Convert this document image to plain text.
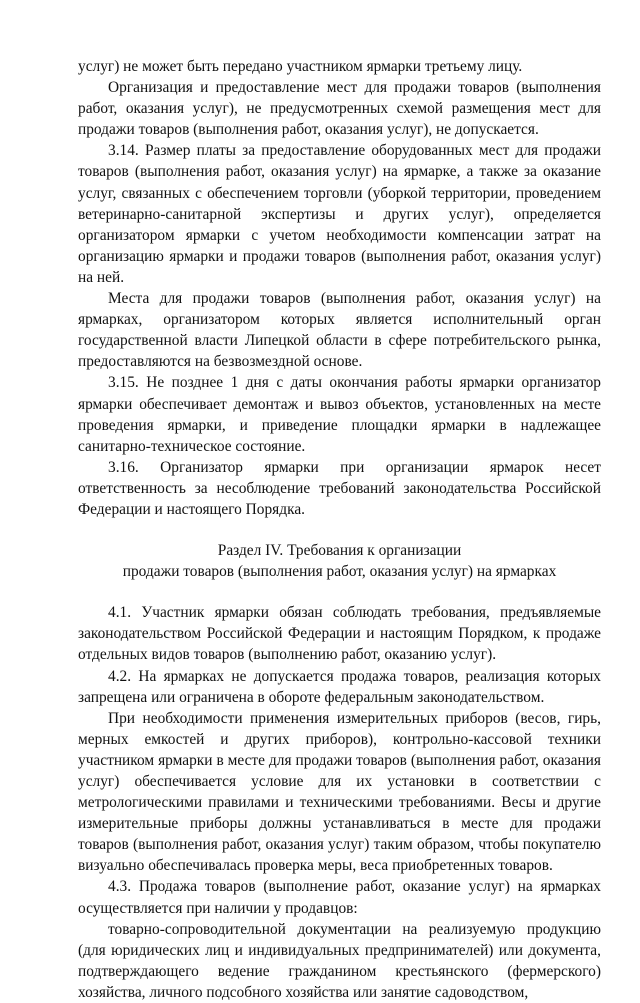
услуг) не может быть передано участником ярмарки третьему лицу.

Организация и предоставление мест для продажи товаров (выполнения работ, оказания услуг), не предусмотренных схемой размещения мест для продажи товаров (выполнения работ, оказания услуг), не допускается.

3.14. Размер платы за предоставление оборудованных мест для продажи товаров (выполнения работ, оказания услуг) на ярмарке, а также за оказание услуг, связанных с обеспечением торговли (уборкой территории, проведением ветеринарно-санитарной экспертизы и других услуг), определяется организатором ярмарки с учетом необходимости компенсации затрат на организацию ярмарки и продажи товаров (выполнения работ, оказания услуг) на ней.

Места для продажи товаров (выполнения работ, оказания услуг) на ярмарках, организатором которых является исполнительный орган государственной власти Липецкой области в сфере потребительского рынка, предоставляются на безвозмездной основе.

3.15. Не позднее 1 дня с даты окончания работы ярмарки организатор ярмарки обеспечивает демонтаж и вывоз объектов, установленных на месте проведения ярмарки, и приведение площадки ярмарки в надлежащее санитарно-техническое состояние.

3.16. Организатор ярмарки при организации ярмарок несет ответственность за несоблюдение требований законодательства Российской Федерации и настоящего Порядка.

Раздел IV. Требования к организации

продажи товаров (выполнения работ, оказания услуг) на ярмарках

4.1. Участник ярмарки обязан соблюдать требования, предъявляемые законодательством Российской Федерации и настоящим Порядком, к продаже отдельных видов товаров (выполнению работ, оказанию услуг).

4.2. На ярмарках не допускается продажа товаров, реализация которых запрещена или ограничена в обороте федеральным законодательством.

При необходимости применения измерительных приборов (весов, гирь, мерных емкостей и других приборов), контрольно-кассовой техники участником ярмарки в месте для продажи товаров (выполнения работ, оказания услуг) обеспечивается условие для их установки в соответствии с метрологическими правилами и техническими требованиями. Весы и другие измерительные приборы должны устанавливаться в месте для продажи товаров (выполнения работ, оказания услуг) таким образом, чтобы покупателю визуально обеспечивалась проверка меры, веса приобретенных товаров.

4.3. Продажа товаров (выполнение работ, оказание услуг) на ярмарках осуществляется при наличии у продавцов:

товарно-сопроводительной документации на реализуемую продукцию (для юридических лиц и индивидуальных предпринимателей) или документа, подтверждающего ведение гражданином крестьянского (фермерского) хозяйства, личного подсобного хозяйства или занятие садоводством,
